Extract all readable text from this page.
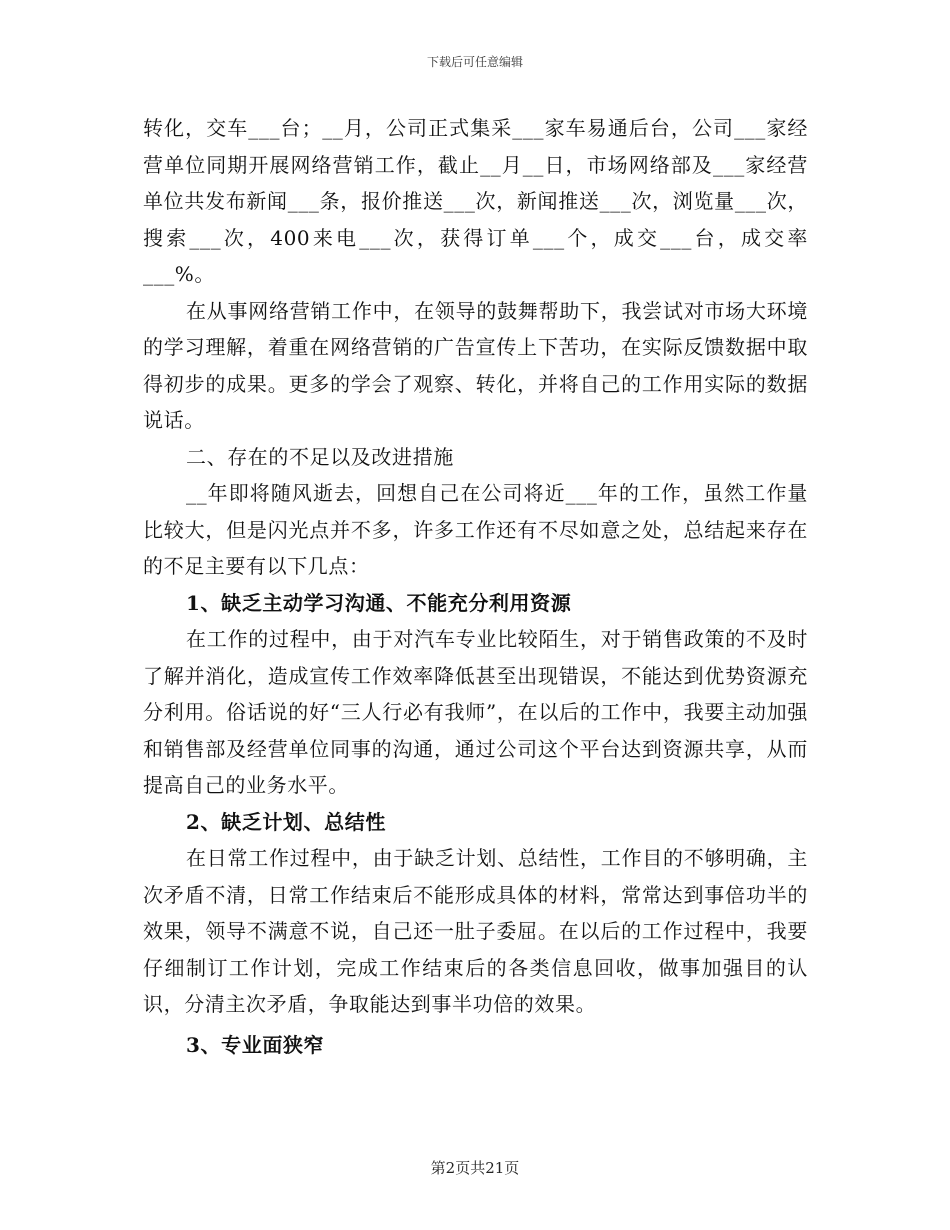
下载后可任意编辑

转化，交车___台；__月，公司正式集采___家车易通后台，公司___家经营单位同期开展网络营销工作，截止__月__日，市场网络部及___家经营单位共发布新闻___条，报价推送___次，新闻推送___次，浏览量___次，搜索___次，400来电___次，获得订单___个，成交___台，成交率___%。

在从事网络营销工作中，在领导的鼓舞帮助下，我尝试对市场大环境的学习理解，着重在网络营销的广告宣传上下苦功，在实际反馈数据中取得初步的成果。更多的学会了观察、转化，并将自己的工作用实际的数据说话。

二、存在的不足以及改进措施

__年即将随风逝去，回想自己在公司将近___年的工作，虽然工作量比较大，但是闪光点并不多，许多工作还有不尽如意之处，总结起来存在的不足主要有以下几点：

1、缺乏主动学习沟通、不能充分利用资源

在工作的过程中，由于对汽车专业比较陌生，对于销售政策的不及时了解并消化，造成宣传工作效率降低甚至出现错误，不能达到优势资源充分利用。俗话说的好“三人行必有我师”，在以后的工作中，我要主动加强和销售部及经营单位同事的沟通，通过公司这个平台达到资源共享，从而提高自己的业务水平。

2、缺乏计划、总结性

在日常工作过程中，由于缺乏计划、总结性，工作目的不够明确，主次矛盾不清，日常工作结束后不能形成具体的材料，常常达到事倍功半的效果，领导不满意不说，自己还一肚子委屈。在以后的工作过程中，我要仔细制订工作计划，完成工作结束后的各类信息回收，做事加强目的认识，分清主次矛盾，争取能达到事半功倍的效果。

3、专业面狭窄

第2页共21页
